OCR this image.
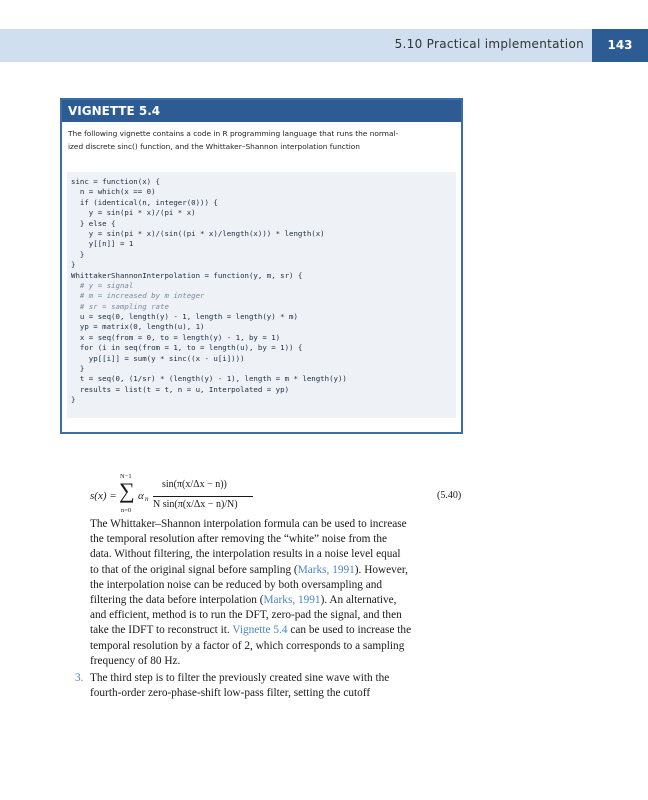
5.10 Practical implementation	143
VIGNETTE 5.4
The following vignette contains a code in R programming language that runs the normal-
ized discrete sinc() function, and the Whittaker–Shannon interpolation function
sinc = function(x) {
n = which(x == 0)
if (identical(n, integer(0))) {
y = sin(pi * x)/(pi * x)
} else {
y = sin(pi * x)/(sin((pi * x)/length(x))) * length(x)
y[[n]] = 1
}
}
WhittakerShannonInterpolation = function(y, m, sr) {
# y = signal
# m = increased by m integer
# sr = sampling rate
u = seq(0, length(y) - 1, length = length(y) * m)
yp = matrix(0, length(u), 1)
x = seq(from = 0, to = length(y) - 1, by = 1)
for (i in seq(from = 1, to = length(u), by = 1)) {
yp[[i]] = sum(y * sinc((x - u[i])))
}
t = seq(0, (1/sr) * (length(y) - 1), length = m * length(y))
results = list(t = t, n = u, Interpolated = yp)
}
s(x) =
N−1
∑
n=0
α n
sin(π(x/Δx − n))
N sin(π(x/Δx − n)/N)
(5.40)
The Whittaker–Shannon interpolation formula can be used to increase
the temporal resolution after removing the “white” noise from the
data. Without filtering, the interpolation results in a noise level equal
to that of the original signal before sampling (Marks, 1991). However,
the interpolation noise can be reduced by both oversampling and
filtering the data before interpolation (Marks, 1991). An alternative,
and efficient, method is to run the DFT, zero-pad the signal, and then
take the IDFT to reconstruct it. Vignette 5.4 can be used to increase the
temporal resolution by a factor of 2, which corresponds to a sampling
frequency of 80 Hz.
3. The third step is to filter the previously created sine wave with the
fourth-order zero-phase-shift low-pass filter, setting the cutoff
